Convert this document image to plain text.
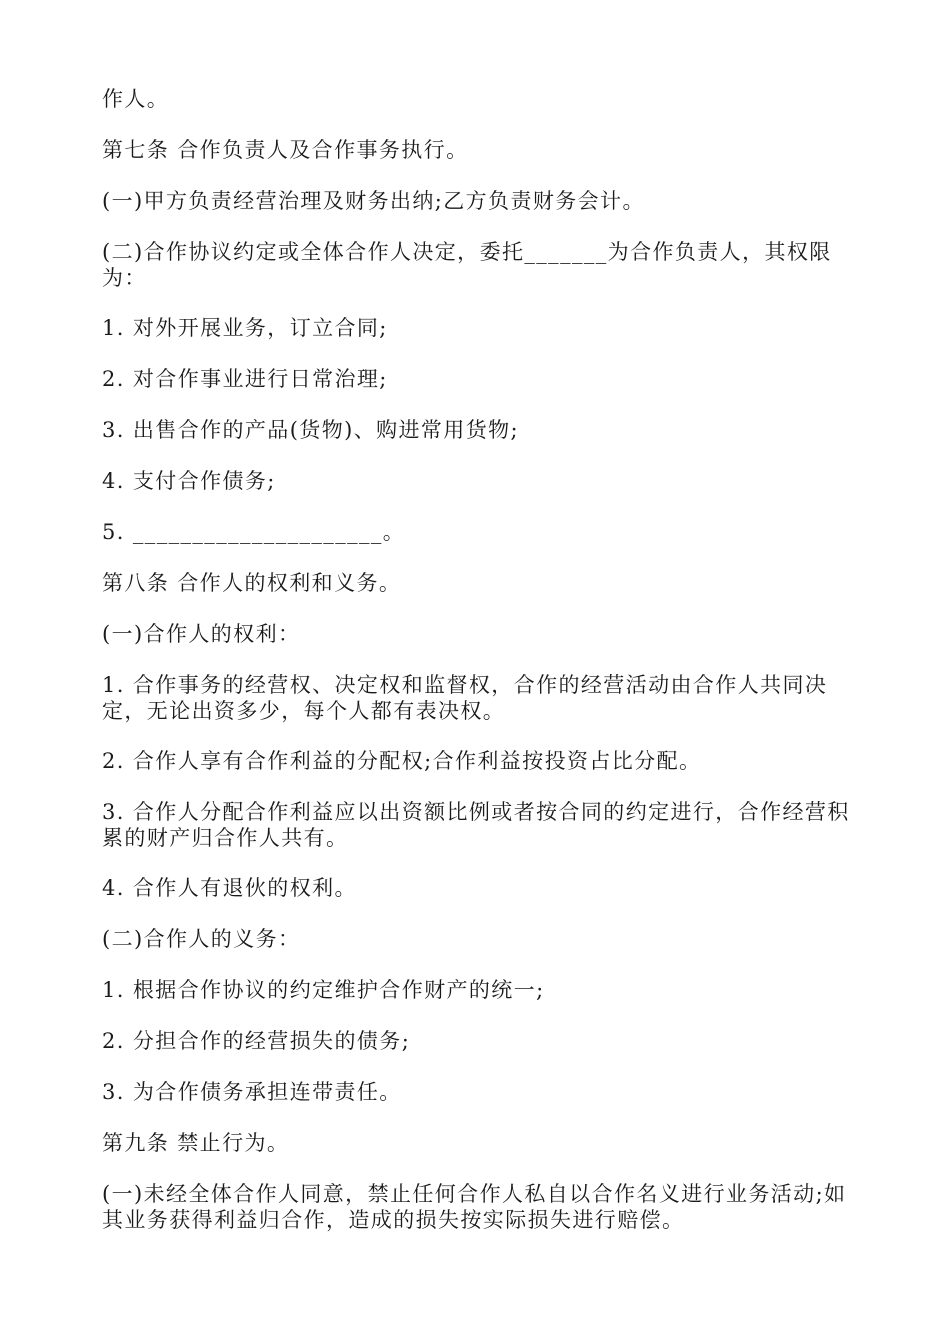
作人。

第七条 合作负责人及合作事务执行。

(一)甲方负责经营治理及财务出纳;乙方负责财务会计。

(二)合作协议约定或全体合作人决定，委托_______为合作负责人，其权限为：

1. 对外开展业务，订立合同;

2. 对合作事业进行日常治理;

3. 出售合作的产品(货物)、购进常用货物;

4. 支付合作债务;

5. _____________________。

第八条 合作人的权利和义务。

(一)合作人的权利：

1. 合作事务的经营权、决定权和监督权，合作的经营活动由合作人共同决定，无论出资多少，每个人都有表决权。

2. 合作人享有合作利益的分配权;合作利益按投资占比分配。

3. 合作人分配合作利益应以出资额比例或者按合同的约定进行，合作经营积累的财产归合作人共有。

4. 合作人有退伙的权利。

(二)合作人的义务：

1. 根据合作协议的约定维护合作财产的统一;

2. 分担合作的经营损失的债务;

3. 为合作债务承担连带责任。

第九条 禁止行为。

(一)未经全体合作人同意，禁止任何合作人私自以合作名义进行业务活动;如其业务获得利益归合作，造成的损失按实际损失进行赔偿。
